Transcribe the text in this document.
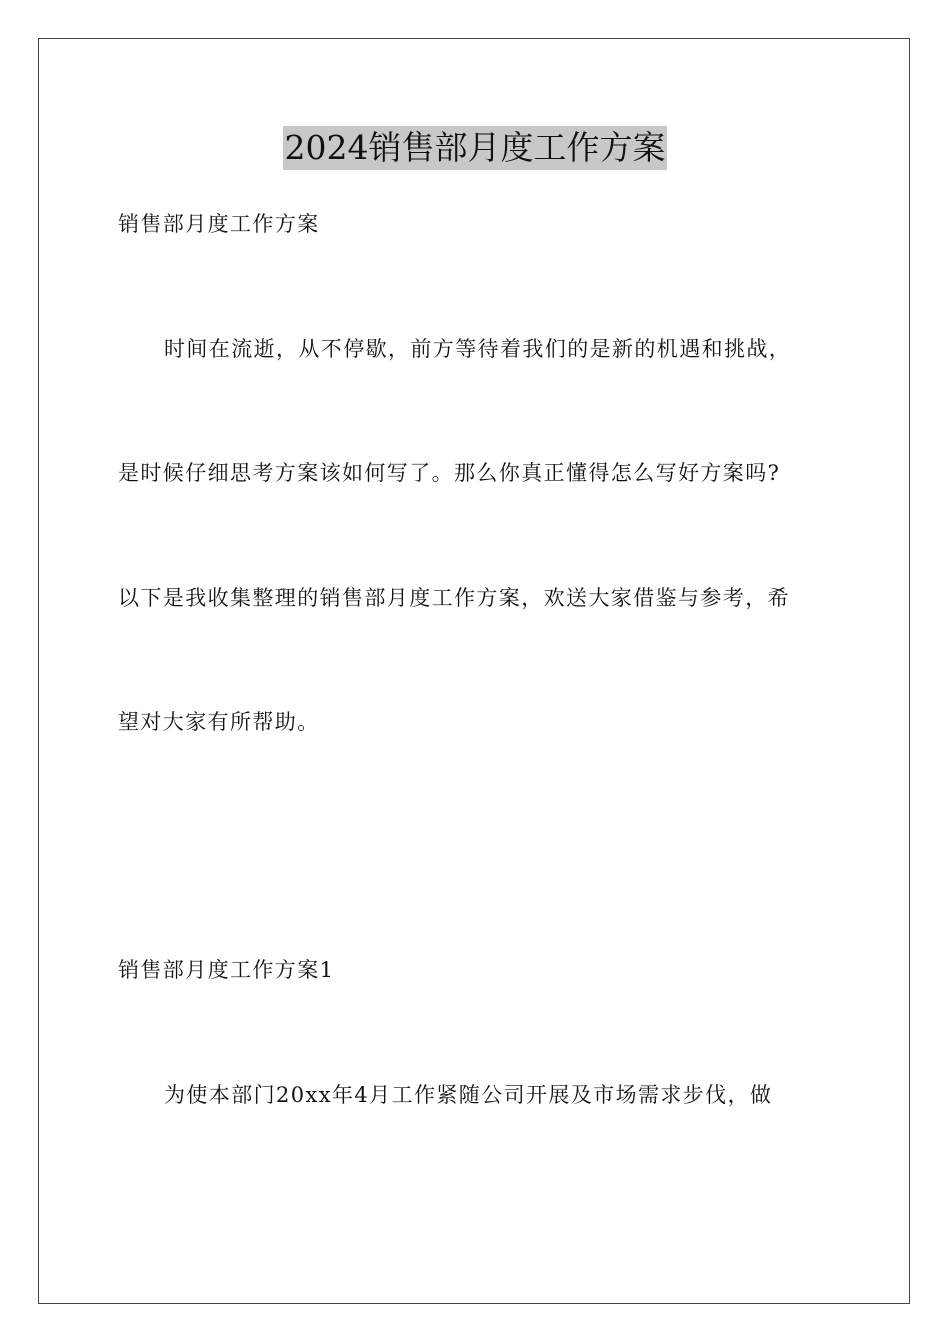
2024销售部月度工作方案
销售部月度工作方案
时间在流逝，从不停歇，前方等待着我们的是新的机遇和挑战，
是时候仔细思考方案该如何写了。那么你真正懂得怎么写好方案吗?
以下是我收集整理的销售部月度工作方案，欢送大家借鉴与参考，希
望对大家有所帮助。
销售部月度工作方案1
为使本部门20xx年4月工作紧随公司开展及市场需求步伐，做
